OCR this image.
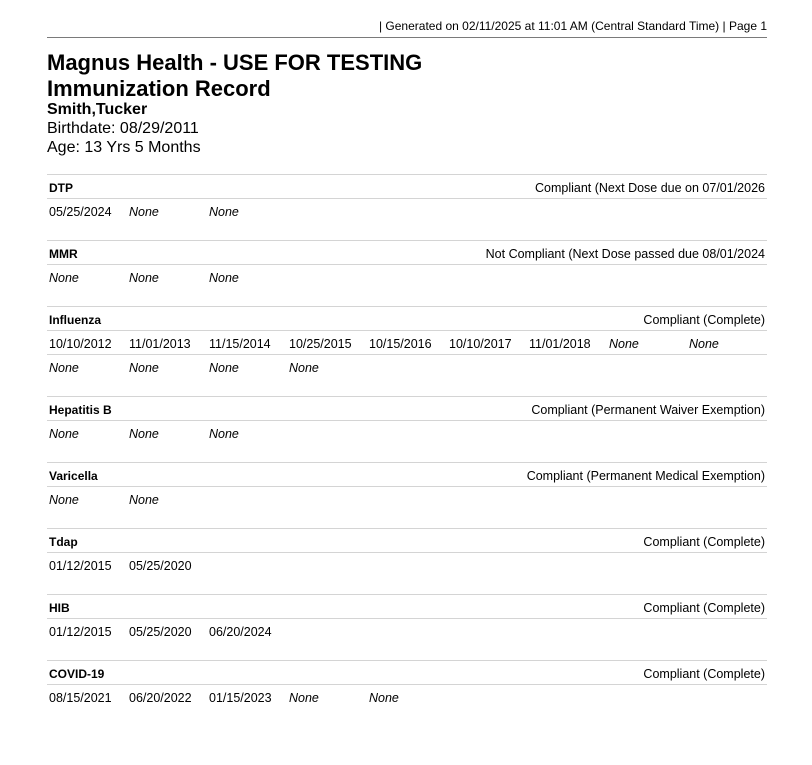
| Generated on 02/11/2025 at 11:01 AM (Central Standard Time) | Page 1
Magnus Health - USE FOR TESTING
Immunization Record
Smith,Tucker
Birthdate: 08/29/2011
Age: 13 Yrs 5 Months
DTP	Compliant (Next Dose due on 07/01/2026
05/25/2024 None	None
MMR	Not Compliant (Next Dose passed due 08/01/2024
None	None	None
Influenza	Compliant (Complete)
10/10/2012 11/01/2013 11/15/2014 10/25/2015 10/15/2016 10/10/2017 11/01/2018 None	None
None	None	None	None
Hepatitis B	Compliant (Permanent Waiver Exemption)
None	None	None
Varicella	Compliant (Permanent Medical Exemption)
None	None
Tdap	Compliant (Complete)
01/12/2015 05/25/2020
HIB	Compliant (Complete)
01/12/2015 05/25/2020 06/20/2024
COVID-19	Compliant (Complete)
08/15/2021 06/20/2022 01/15/2023 None	None
